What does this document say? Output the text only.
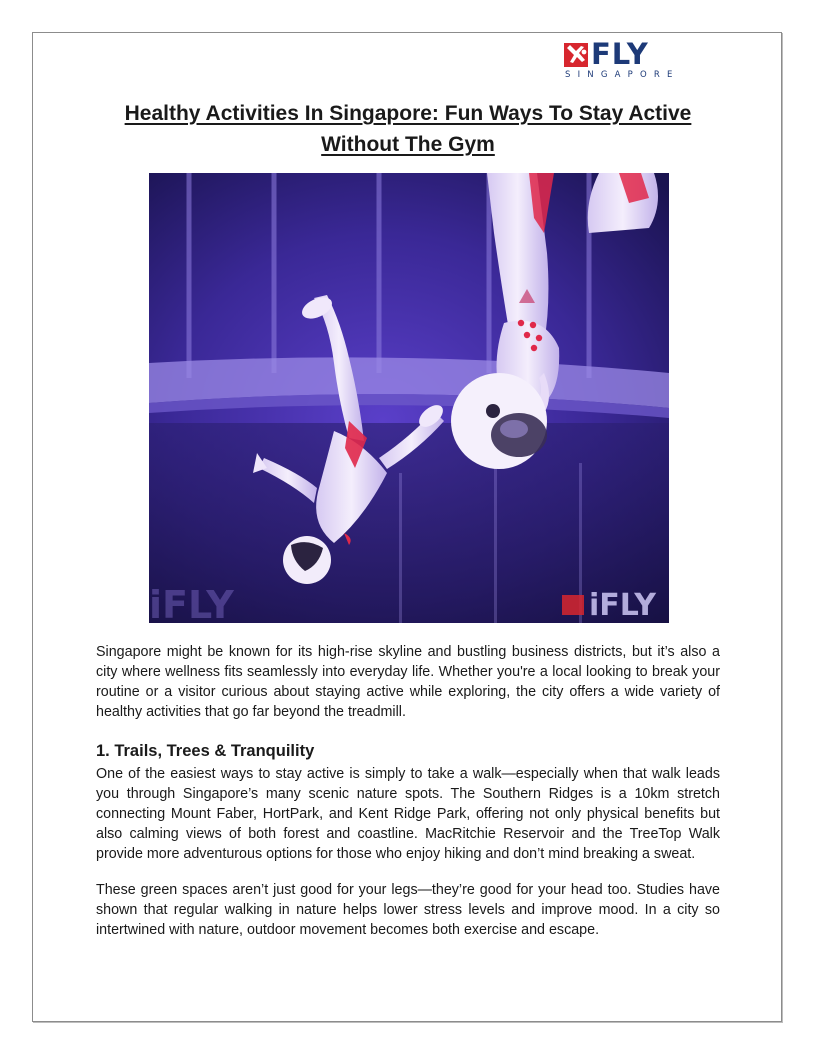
FLY
SINGAPORE
Healthy Activities In Singapore: Fun Ways To Stay Active Without The Gym
iFLY	iFLY

Singapore might be known for its high-rise skyline and bustling business districts, but it’s also a city where wellness fits seamlessly into everyday life. Whether you're a local looking to break your routine or a visitor curious about staying active while exploring, the city offers a wide variety of healthy activities that go far beyond the treadmill.

1. Trails, Trees & Tranquility

One of the easiest ways to stay active is simply to take a walk—especially when that walk leads you through Singapore’s many scenic nature spots. The Southern Ridges is a 10km stretch connecting Mount Faber, HortPark, and Kent Ridge Park, offering not only physical benefits but also calming views of both forest and coastline. MacRitchie Reservoir and the TreeTop Walk provide more adventurous options for those who enjoy hiking and don’t mind breaking a sweat.

These green spaces aren’t just good for your legs—they’re good for your head too. Studies have shown that regular walking in nature helps lower stress levels and improve mood. In a city so intertwined with nature, outdoor movement becomes both exercise and escape.
